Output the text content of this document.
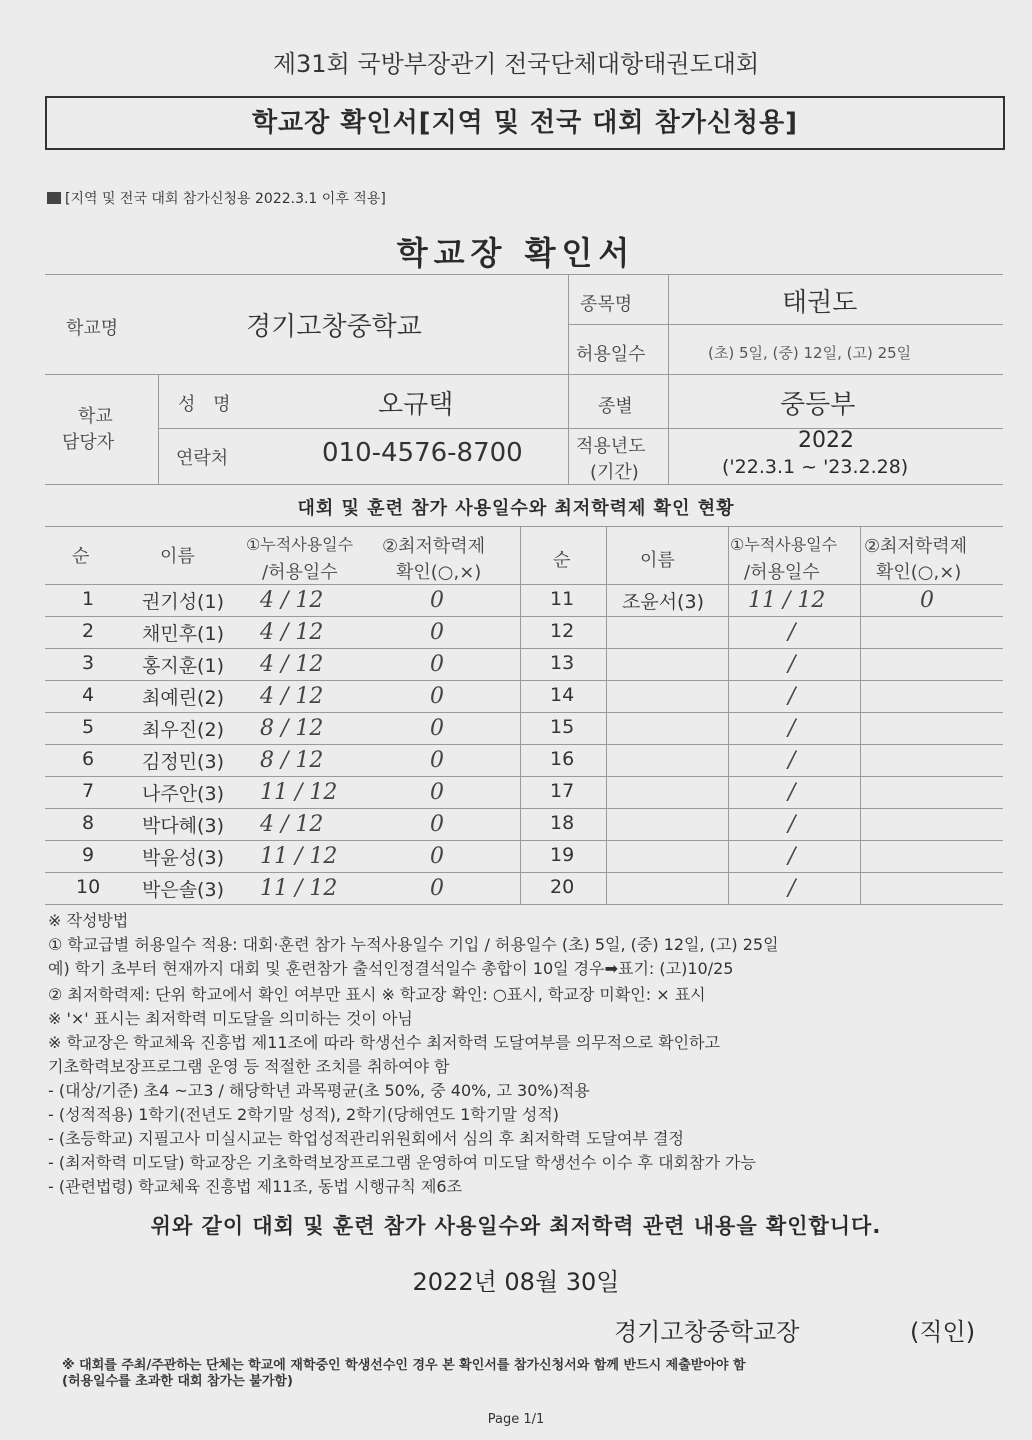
제31회 국방부장관기 전국단체대항태권도대회
학교장 확인서[지역 및 전국 대회 참가신청용]
[지역 및 전국 대회 참가신청용 2022.3.1 이후 적용]
학교장 확인서
학교명	경기고창중학교
종목명	태권도
허용일수	(초) 5일, (중) 12일, (고) 25일
학교
담당자
성 명	오규택	종별	중등부
연락처	010-4576-8700	적용년도
(기간)
2022
('22.3.1 ~ '23.2.28)
대회 및 훈련 참가 사용일수와 최저학력제 확인 현황
순	이름
①누적사용일수
/허용일수
②최저학력제
확인(○,×)
순	이름
①누적사용일수
/허용일수
②최저학력제
확인(○,×)
1	권기성(1) 4 / 12	0	11	조윤서(3) 11 / 12	0
2	채민후(1) 4 / 12	0	12	/
3	홍지훈(1) 4 / 12	0	13	/
4	최예린(2) 4 / 12	0	14	/
5	최우진(2) 8 / 12	0	15	/
6	김정민(3) 8 / 12	0	16	/
7	나주안(3) 11 / 12	0	17	/
8	박다혜(3) 4 / 12	0	18	/
9	박윤성(3) 11 / 12	0	19	/
10 박은솔(3) 11 / 12	0	20	/
※ 작성방법
① 학교급별 허용일수 적용: 대회·훈련 참가 누적사용일수 기입 / 허용일수 (초) 5일, (중) 12일, (고) 25일
예) 학기 초부터 현재까지 대회 및 훈련참가 출석인정결석일수 총합이 10일 경우➡표기: (고)10/25
② 최저학력제: 단위 학교에서 확인 여부만 표시 ※ 학교장 확인: ○표시, 학교장 미확인: × 표시
※ '×' 표시는 최저학력 미도달을 의미하는 것이 아님
※ 학교장은 학교체육 진흥법 제11조에 따라 학생선수 최저학력 도달여부를 의무적으로 확인하고
기초학력보장프로그램 운영 등 적절한 조치를 취하여야 함
- (대상/기준) 초4 ~고3 / 해당학년 과목평균(초 50%, 중 40%, 고 30%)적용
- (성적적용) 1학기(전년도 2학기말 성적), 2학기(당해연도 1학기말 성적)
- (초등학교) 지필고사 미실시교는 학업성적관리위원회에서 심의 후 최저학력 도달여부 결정
- (최저학력 미도달) 학교장은 기초학력보장프로그램 운영하여 미도달 학생선수 이수 후 대회참가 가능
- (관련법령) 학교체육 진흥법 제11조, 동법 시행규칙 제6조
위와 같이 대회 및 훈련 참가 사용일수와 최저학력 관련 내용을 확인합니다.
2022년 08월 30일
경기고창중학교장	(직인)
※ 대회를 주최/주관하는 단체는 학교에 재학중인 학생선수인 경우 본 확인서를 참가신청서와 함께 반드시 제출받아야 함
(허용일수를 초과한 대회 참가는 불가함)
Page 1/1
